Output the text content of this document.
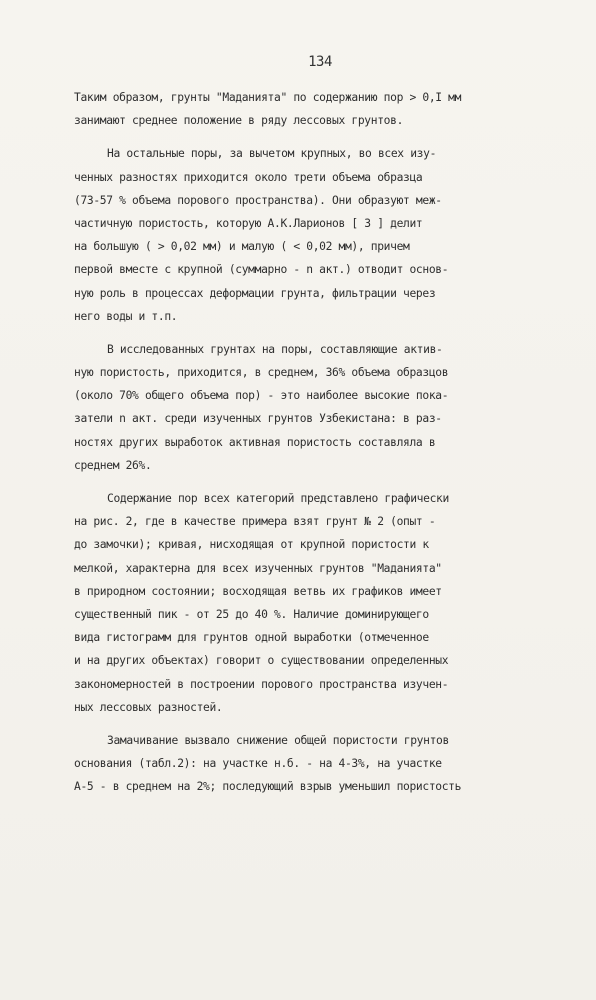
134
Таким образом, грунты "Маданията" по содержанию пор > 0,I мм
занимают среднее положение в ряду лессовых грунтов.
На остальные поры, за вычетом крупных, во всех изу-
ченных разностях приходится около трети объема образца
(73-57 % объема порового пространства). Они образуют меж-
частичную пористость, которую А.К.Ларионов [ 3 ] делит
на большую ( > 0,02 мм) и малую ( < 0,02 мм), причем
первой вместе с крупной (суммарно - n акт.) отводит основ-
ную роль в процессах деформации грунта, фильтрации через
него воды и т.п.
В исследованных грунтах на поры, составляющие актив-
ную пористость, приходится, в среднем, 36% объема образцов
(около 70% общего объема пор) - это наиболее высокие пока-
затели n акт. среди изученных грунтов Узбекистана: в раз-
ностях других выработок активная пористость составляла в
среднем 26%.
Содержание пор всех категорий представлено графически
на рис. 2, где в качестве примера взят грунт № 2 (опыт -
до замочки); кривая, нисходящая от крупной пористости к
мелкой, характерна для всех изученных грунтов "Маданията"
в природном состоянии; восходящая ветвь их графиков имеет
существенный пик - от 25 до 40 %. Наличие доминирующего
вида гистограмм для грунтов одной выработки (отмеченное
и на других объектах) говорит о существовании определенных
закономерностей в построении порового пространства изучен-
ных лессовых разностей.
Замачивание вызвало снижение общей пористости грунтов
основания (табл.2): на участке н.б. - на 4-3%, на участке
А-5 - в среднем на 2%; последующий взрыв уменьшил пористость
